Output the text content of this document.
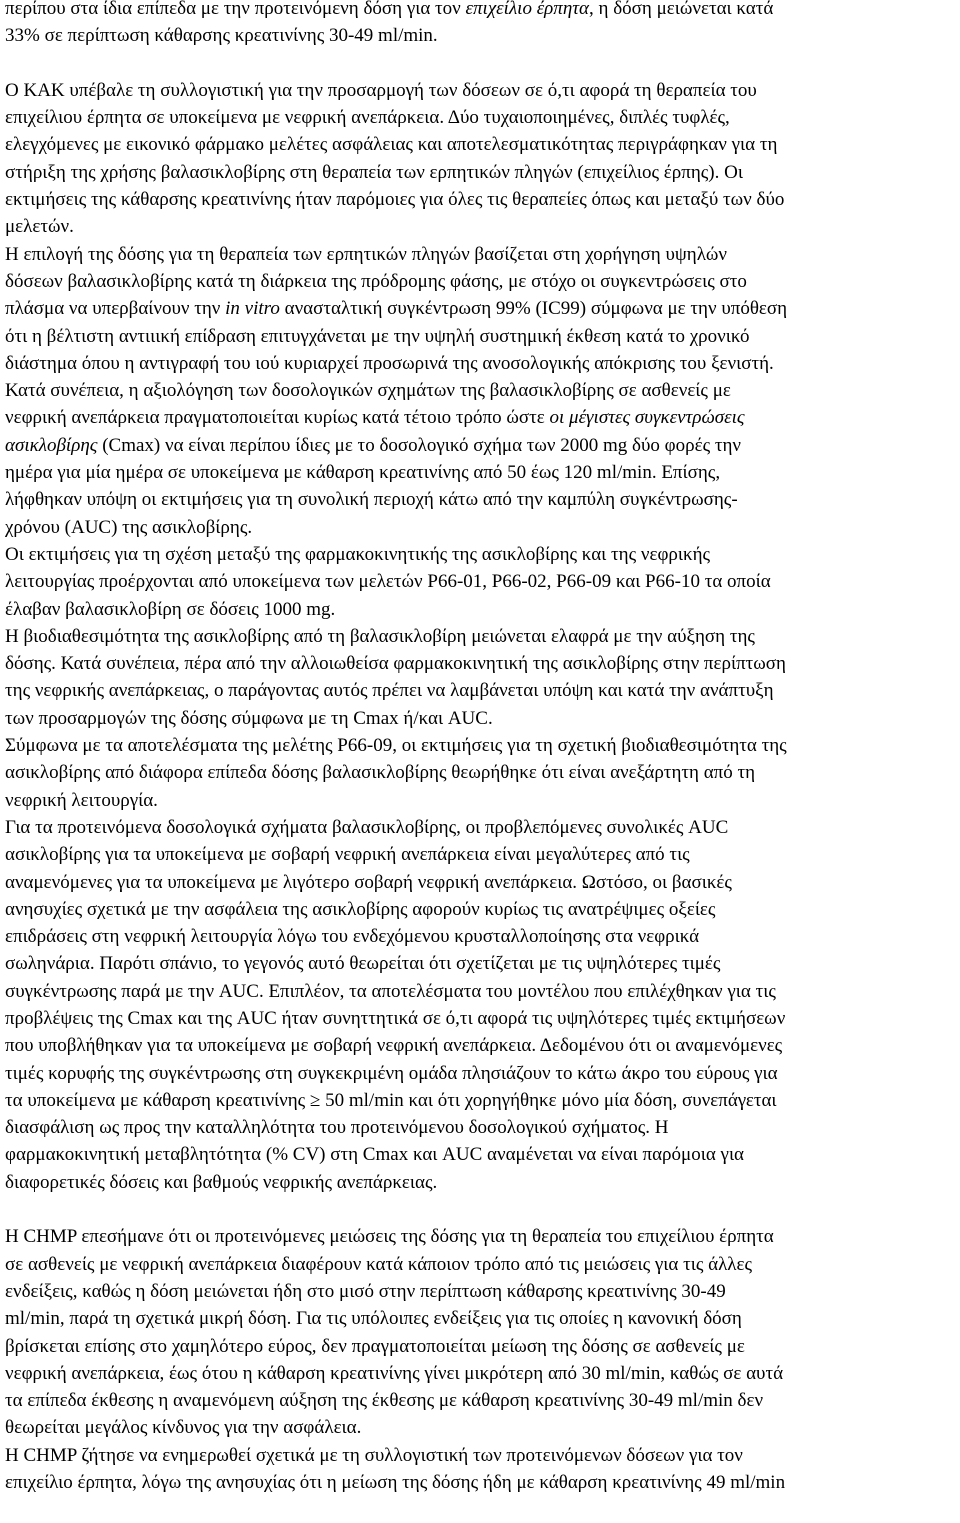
περίπου στα ίδια επίπεδα με την προτεινόμενη δόση για τον επιχείλιο έρπητα, η δόση μειώνεται κατά
33% σε περίπτωση κάθαρσης κρεατινίνης 30-49 ml/min.

Ο ΚΑΚ υπέβαλε τη συλλογιστική για την προσαρμογή των δόσεων σε ό,τι αφορά τη θεραπεία του
επιχείλιου έρπητα σε υποκείμενα με νεφρική ανεπάρκεια. Δύο τυχαιοποιημένες, διπλές τυφλές,
ελεγχόμενες με εικονικό φάρμακο μελέτες ασφάλειας και αποτελεσματικότητας περιγράφηκαν για τη
στήριξη της χρήσης βαλασικλοβίρης στη θεραπεία των ερπητικών πληγών (επιχείλιος έρπης). Οι
εκτιμήσεις της κάθαρσης κρεατινίνης ήταν παρόμοιες για όλες τις θεραπείες όπως και μεταξύ των δύο
μελετών.

Η επιλογή της δόσης για τη θεραπεία των ερπητικών πληγών βασίζεται στη χορήγηση υψηλών
δόσεων βαλασικλοβίρης κατά τη διάρκεια της πρόδρομης φάσης, με στόχο οι συγκεντρώσεις στο
πλάσμα να υπερβαίνουν την in vitro ανασταλτική συγκέντρωση 99% (IC99) σύμφωνα με την υπόθεση
ότι η βέλτιστη αντιιική επίδραση επιτυγχάνεται με την υψηλή συστημική έκθεση κατά το χρονικό
διάστημα όπου η αντιγραφή του ιού κυριαρχεί προσωρινά της ανοσολογικής απόκρισης του ξενιστή.

Κατά συνέπεια, η αξιολόγηση των δοσολογικών σχημάτων της βαλασικλοβίρης σε ασθενείς με
νεφρική ανεπάρκεια πραγματοποιείται κυρίως κατά τέτοιο τρόπο ώστε οι μέγιστες συγκεντρώσεις
ασικλοβίρης (Cmax) να είναι περίπου ίδιες με το δοσολογικό σχήμα των 2000 mg δύο φορές την
ημέρα για μία ημέρα σε υποκείμενα με κάθαρση κρεατινίνης από 50 έως 120 ml/min. Επίσης,
λήφθηκαν υπόψη οι εκτιμήσεις για τη συνολική περιοχή κάτω από την καμπύλη συγκέντρωσης-
χρόνου (AUC) της ασικλοβίρης.

Οι εκτιμήσεις για τη σχέση μεταξύ της φαρμακοκινητικής της ασικλοβίρης και της νεφρικής
λειτουργίας προέρχονται από υποκείμενα των μελετών P66-01, P66-02, P66-09 και P66-10 τα οποία
έλαβαν βαλασικλοβίρη σε δόσεις 1000 mg.

Η βιοδιαθεσιμότητα της ασικλοβίρης από τη βαλασικλοβίρη μειώνεται ελαφρά με την αύξηση της
δόσης. Κατά συνέπεια, πέρα από την αλλοιωθείσα φαρμακοκινητική της ασικλοβίρης στην περίπτωση
της νεφρικής ανεπάρκειας, ο παράγοντας αυτός πρέπει να λαμβάνεται υπόψη και κατά την ανάπτυξη
των προσαρμογών της δόσης σύμφωνα με τη Cmax ή/και AUC.

Σύμφωνα με τα αποτελέσματα της μελέτης P66-09, οι εκτιμήσεις για τη σχετική βιοδιαθεσιμότητα της
ασικλοβίρης από διάφορα επίπεδα δόσης βαλασικλοβίρης θεωρήθηκε ότι είναι ανεξάρτητη από τη
νεφρική λειτουργία.

Για τα προτεινόμενα δοσολογικά σχήματα βαλασικλοβίρης, οι προβλεπόμενες συνολικές AUC
ασικλοβίρης για τα υποκείμενα με σοβαρή νεφρική ανεπάρκεια είναι μεγαλύτερες από τις
αναμενόμενες για τα υποκείμενα με λιγότερο σοβαρή νεφρική ανεπάρκεια. Ωστόσο, οι βασικές
ανησυχίες σχετικά με την ασφάλεια της ασικλοβίρης αφορούν κυρίως τις ανατρέψιμες οξείες
επιδράσεις στη νεφρική λειτουργία λόγω του ενδεχόμενου κρυσταλλοποίησης στα νεφρικά
σωληνάρια. Παρότι σπάνιο, το γεγονός αυτό θεωρείται ότι σχετίζεται με τις υψηλότερες τιμές
συγκέντρωσης παρά με την AUC. Επιπλέον, τα αποτελέσματα του μοντέλου που επιλέχθηκαν για τις
προβλέψεις της Cmax και της AUC ήταν συνηττητικά σε ό,τι αφορά τις υψηλότερες τιμές εκτιμήσεων
που υποβλήθηκαν για τα υποκείμενα με σοβαρή νεφρική ανεπάρκεια. Δεδομένου ότι οι αναμενόμενες
τιμές κορυφής της συγκέντρωσης στη συγκεκριμένη ομάδα πλησιάζουν το κάτω άκρο του εύρους για
τα υποκείμενα με κάθαρση κρεατινίνης ≥ 50 ml/min και ότι χορηγήθηκε μόνο μία δόση, συνεπάγεται
διασφάλιση ως προς την καταλληλότητα του προτεινόμενου δοσολογικού σχήματος. Η
φαρμακοκινητική μεταβλητότητα (% CV) στη Cmax και AUC αναμένεται να είναι παρόμοια για
διαφορετικές δόσεις και βαθμούς νεφρικής ανεπάρκειας.

Η CHMP επεσήμανε ότι οι προτεινόμενες μειώσεις της δόσης για τη θεραπεία του επιχείλιου έρπητα
σε ασθενείς με νεφρική ανεπάρκεια διαφέρουν κατά κάποιον τρόπο από τις μειώσεις για τις άλλες
ενδείξεις, καθώς η δόση μειώνεται ήδη στο μισό στην περίπτωση κάθαρσης κρεατινίνης 30-49
ml/min, παρά τη σχετικά μικρή δόση. Για τις υπόλοιπες ενδείξεις για τις οποίες η κανονική δόση
βρίσκεται επίσης στο χαμηλότερο εύρος, δεν πραγματοποιείται μείωση της δόσης σε ασθενείς με
νεφρική ανεπάρκεια, έως ότου η κάθαρση κρεατινίνης γίνει μικρότερη από 30 ml/min, καθώς σε αυτά
τα επίπεδα έκθεσης η αναμενόμενη αύξηση της έκθεσης με κάθαρση κρεατινίνης 30-49 ml/min δεν
θεωρείται μεγάλος κίνδυνος για την ασφάλεια.

Η CHMP ζήτησε να ενημερωθεί σχετικά με τη συλλογιστική των προτεινόμενων δόσεων για τον
επιχείλιο έρπητα, λόγω της ανησυχίας ότι η μείωση της δόσης ήδη με κάθαρση κρεατινίνης 49 ml/min
